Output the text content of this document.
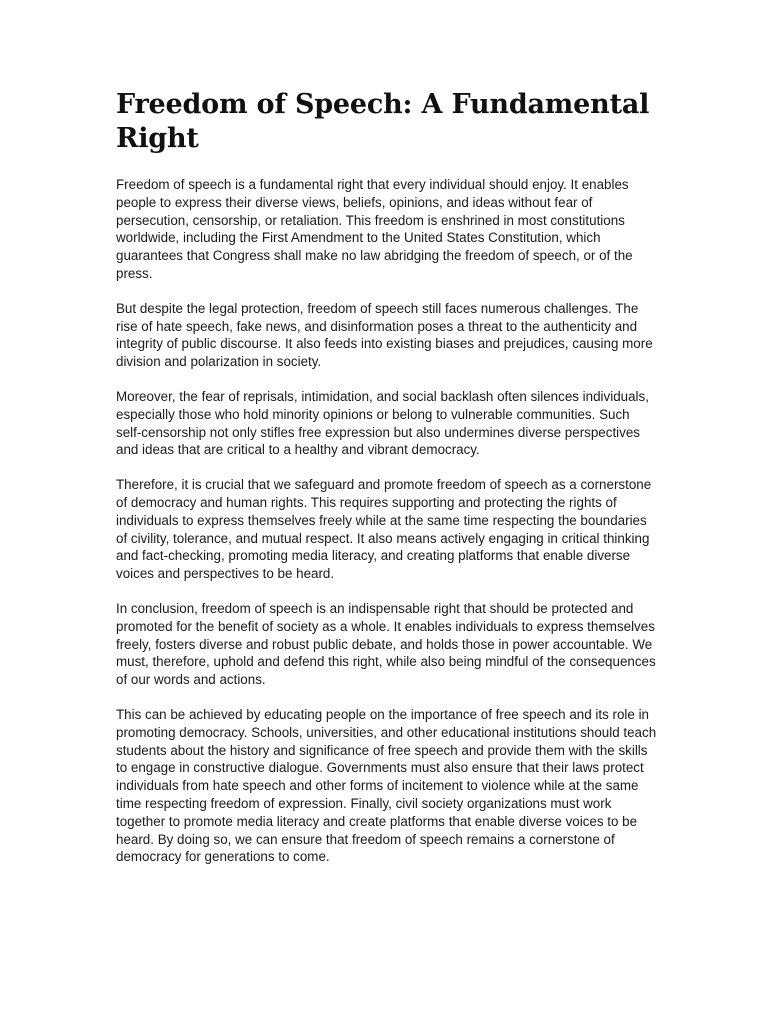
Freedom of Speech: A Fundamental Right

Freedom of speech is a fundamental right that every individual should enjoy. It enables people to express their diverse views, beliefs, opinions, and ideas without fear of persecution, censorship, or retaliation. This freedom is enshrined in most constitutions worldwide, including the First Amendment to the United States Constitution, which guarantees that Congress shall make no law abridging the freedom of speech, or of the press.

But despite the legal protection, freedom of speech still faces numerous challenges. The rise of hate speech, fake news, and disinformation poses a threat to the authenticity and integrity of public discourse. It also feeds into existing biases and prejudices, causing more division and polarization in society.

Moreover, the fear of reprisals, intimidation, and social backlash often silences individuals, especially those who hold minority opinions or belong to vulnerable communities. Such self-censorship not only stifles free expression but also undermines diverse perspectives and ideas that are critical to a healthy and vibrant democracy.

Therefore, it is crucial that we safeguard and promote freedom of speech as a cornerstone of democracy and human rights. This requires supporting and protecting the rights of individuals to express themselves freely while at the same time respecting the boundaries of civility, tolerance, and mutual respect. It also means actively engaging in critical thinking and fact-checking, promoting media literacy, and creating platforms that enable diverse voices and perspectives to be heard.

In conclusion, freedom of speech is an indispensable right that should be protected and promoted for the benefit of society as a whole. It enables individuals to express themselves freely, fosters diverse and robust public debate, and holds those in power accountable. We must, therefore, uphold and defend this right, while also being mindful of the consequences of our words and actions.

This can be achieved by educating people on the importance of free speech and its role in promoting democracy. Schools, universities, and other educational institutions should teach students about the history and significance of free speech and provide them with the skills to engage in constructive dialogue. Governments must also ensure that their laws protect individuals from hate speech and other forms of incitement to violence while at the same time respecting freedom of expression. Finally, civil society organizations must work together to promote media literacy and create platforms that enable diverse voices to be heard. By doing so, we can ensure that freedom of speech remains a cornerstone of democracy for generations to come.
